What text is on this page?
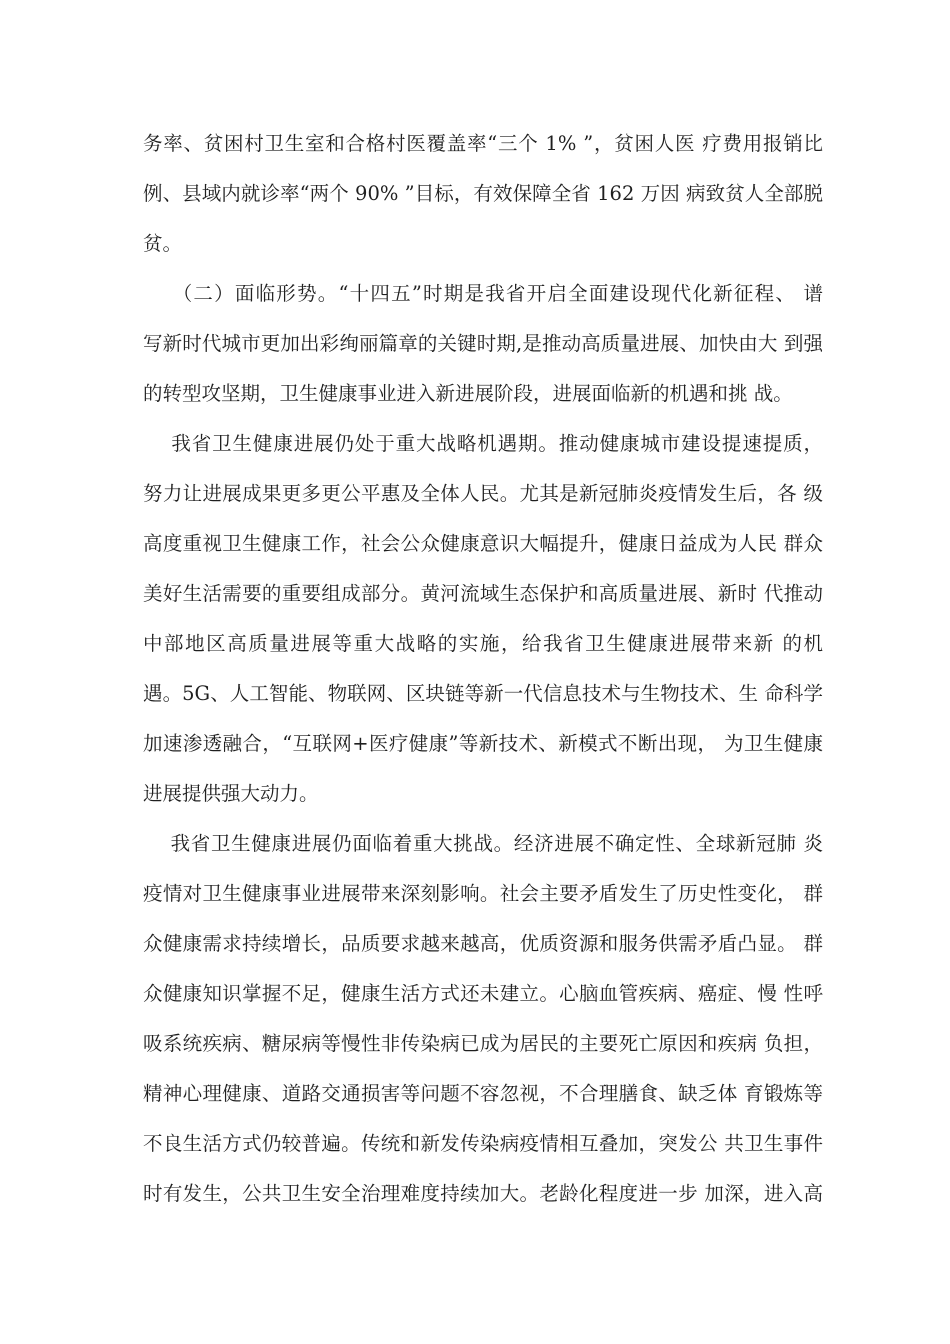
务率、贫困村卫生室和合格村医覆盖率“三个 1% ”，贫困人医 疗费用报销比
例、县域内就诊率“两个 90% ”目标，有效保障全省 162 万因 病致贫人全部脱
贫。
（二）面临形势。“十四五”时期是我省开启全面建设现代化新征程、 谱
写新时代城市更加出彩绚丽篇章的关键时期,是推动高质量进展、加快由大 到强
的转型攻坚期，卫生健康事业进入新进展阶段，进展面临新的机遇和挑 战。
我省卫生健康进展仍处于重大战略机遇期。推动健康城市建设提速提质，
努力让进展成果更多更公平惠及全体人民。尤其是新冠肺炎疫情发生后，各 级
高度重视卫生健康工作，社会公众健康意识大幅提升，健康日益成为人民 群众
美好生活需要的重要组成部分。黄河流域生态保护和高质量进展、新时 代推动
中部地区高质量进展等重大战略的实施，给我省卫生健康进展带来新 的机
遇。5G、人工智能、物联网、区块链等新一代信息技术与生物技术、生 命科学
加速渗透融合，“互联网+医疗健康”等新技术、新模式不断出现， 为卫生健康
进展提供强大动力。
我省卫生健康进展仍面临着重大挑战。经济进展不确定性、全球新冠肺 炎
疫情对卫生健康事业进展带来深刻影响。社会主要矛盾发生了历史性变化， 群
众健康需求持续增长，品质要求越来越高，优质资源和服务供需矛盾凸显。 群
众健康知识掌握不足，健康生活方式还未建立。心脑血管疾病、癌症、慢 性呼
吸系统疾病、糖尿病等慢性非传染病已成为居民的主要死亡原因和疾病 负担，
精神心理健康、道路交通损害等问题不容忽视，不合理膳食、缺乏体 育锻炼等
不良生活方式仍较普遍。传统和新发传染病疫情相互叠加，突发公 共卫生事件
时有发生，公共卫生安全治理难度持续加大。老龄化程度进一步 加深，进入高
